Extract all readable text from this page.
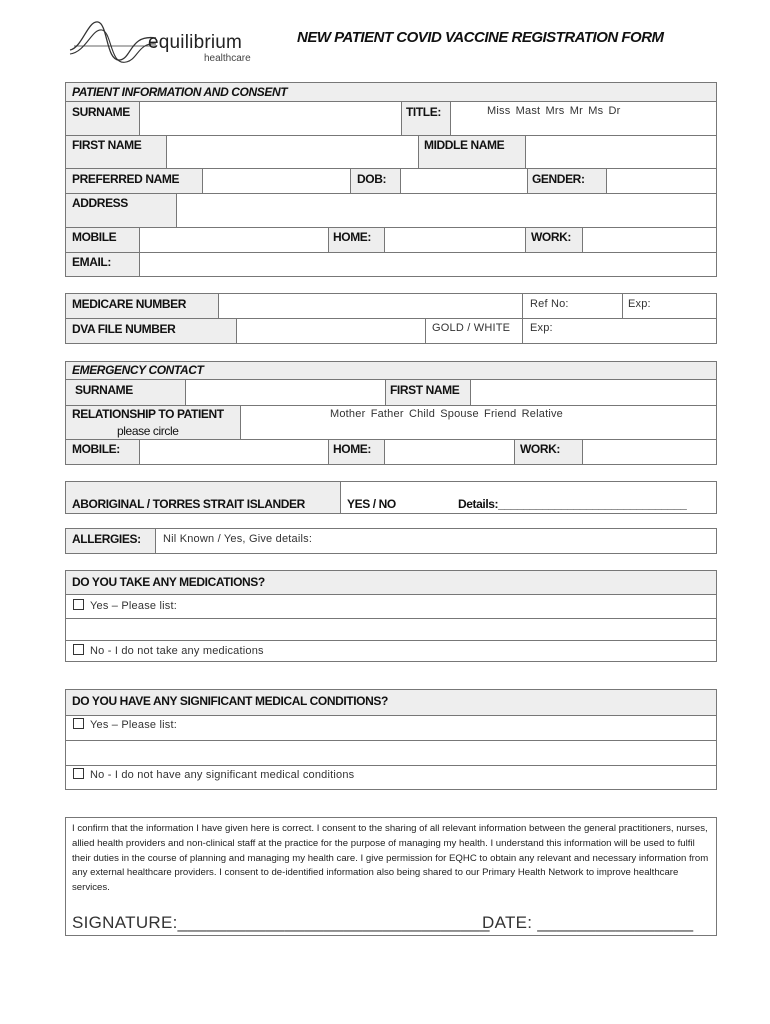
equilibrium
healthcare
NEW PATIENT COVID VACCINE REGISTRATION FORM
PATIENT INFORMATION AND CONSENT
SURNAME	TITLE:	Miss Mast Mrs Mr Ms Dr
FIRST NAME	MIDDLE NAME
PREFERRED NAME	DOB:	GENDER:
ADDRESS
MOBILE	HOME:	WORK:
EMAIL:
MEDICARE NUMBER	Ref No:	Exp:
DVA FILE NUMBER	GOLD / WHITE Exp:
EMERGENCY CONTACT
SURNAME	FIRST NAME
RELATIONSHIP TO PATIENT
please circle
Mother Father Child Spouse Friend Relative
MOBILE:	HOME:	WORK:
ABORIGINAL / TORRES STRAIT ISLANDER	YES / NO	Details:______________________________
ALLERGIES: Nil Known / Yes, Give details:
DO YOU TAKE ANY MEDICATIONS?
Yes – Please list:
No - I do not take any medications
DO YOU HAVE ANY SIGNIFICANT MEDICAL CONDITIONS?
Yes – Please list:
No - I do not have any significant medical conditions
I confirm that the information I have given here is correct. I consent to the sharing of all relevant information between the general practitioners, nurses, allied health providers and non-clinical staff at the practice for the purpose of managing my health. I understand this information will be used to fulfil their duties in the course of planning and managing my health care. I give permission for EQHC to obtain any relevant and necessary information from any external healthcare providers. I consent to de-identified information also being shared to our Primary Health Network to improve healthcare services.
SIGNATURE:________________________________
DATE: ________________
